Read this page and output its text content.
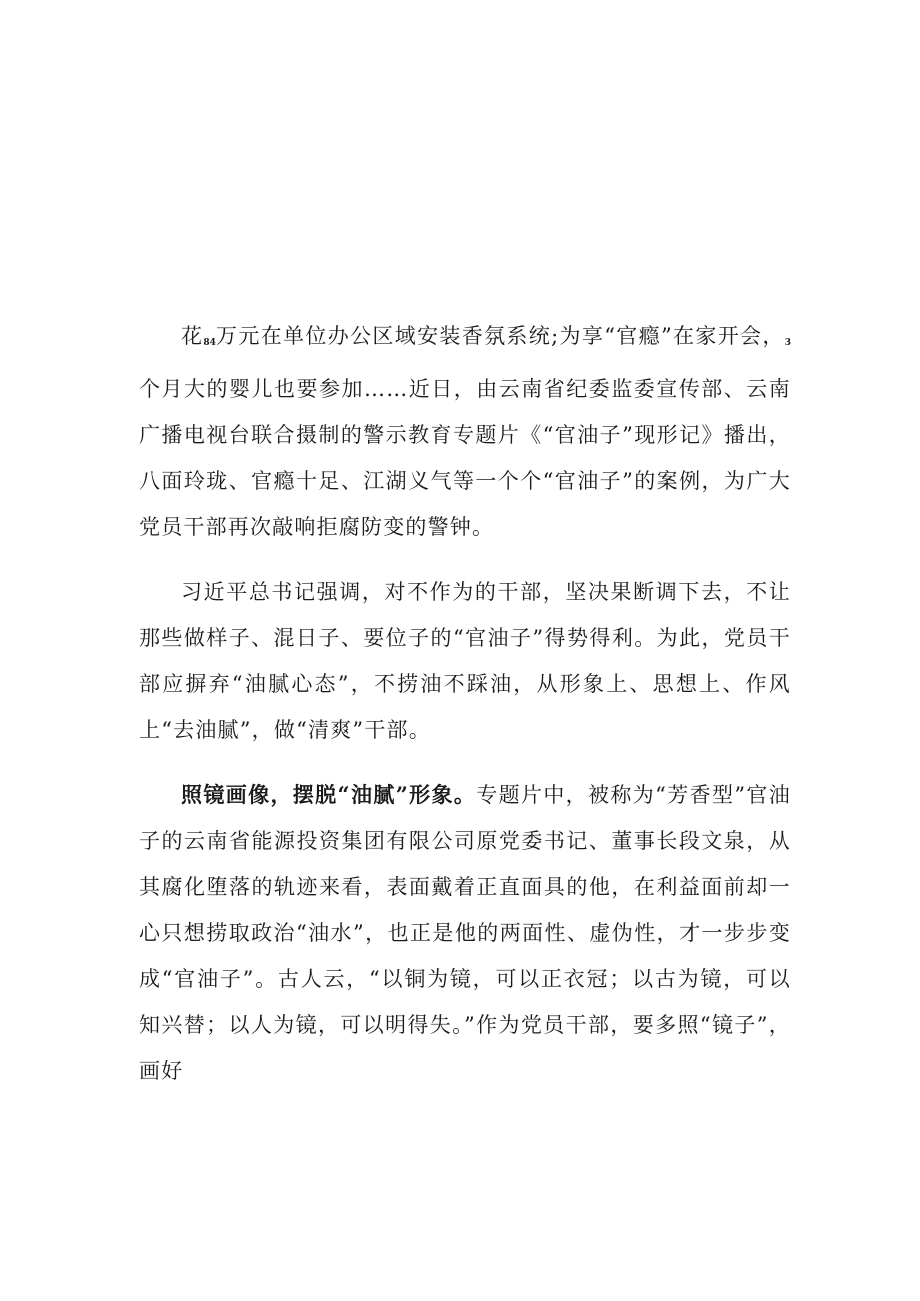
花84万元在单位办公区域安装香氛系统;为享“官瘾”在家开会，3个月大的婴儿也要参加……近日，由云南省纪委监委宣传部、云南广播电视台联合摄制的警示教育专题片《“官油子”现形记》播出，八面玲珑、官瘾十足、江湖义气等一个个“官油子”的案例，为广大党员干部再次敲响拒腐防变的警钟。

习近平总书记强调，对不作为的干部，坚决果断调下去，不让那些做样子、混日子、要位子的“官油子”得势得利。为此，党员干部应摒弃“油腻心态”，不捞油不踩油，从形象上、思想上、作风上“去油腻”，做“清爽”干部。

照镜画像，摆脱“油腻”形象。专题片中，被称为“芳香型”官油子的云南省能源投资集团有限公司原党委书记、董事长段文泉，从其腐化堕落的轨迹来看，表面戴着正直面具的他，在利益面前却一心只想捞取政治“油水”，也正是他的两面性、虚伪性，才一步步变成“官油子”。古人云，“以铜为镜，可以正衣冠；以古为镜，可以知兴替；以人为镜，可以明得失。”作为党员干部，要多照“镜子”，画好
